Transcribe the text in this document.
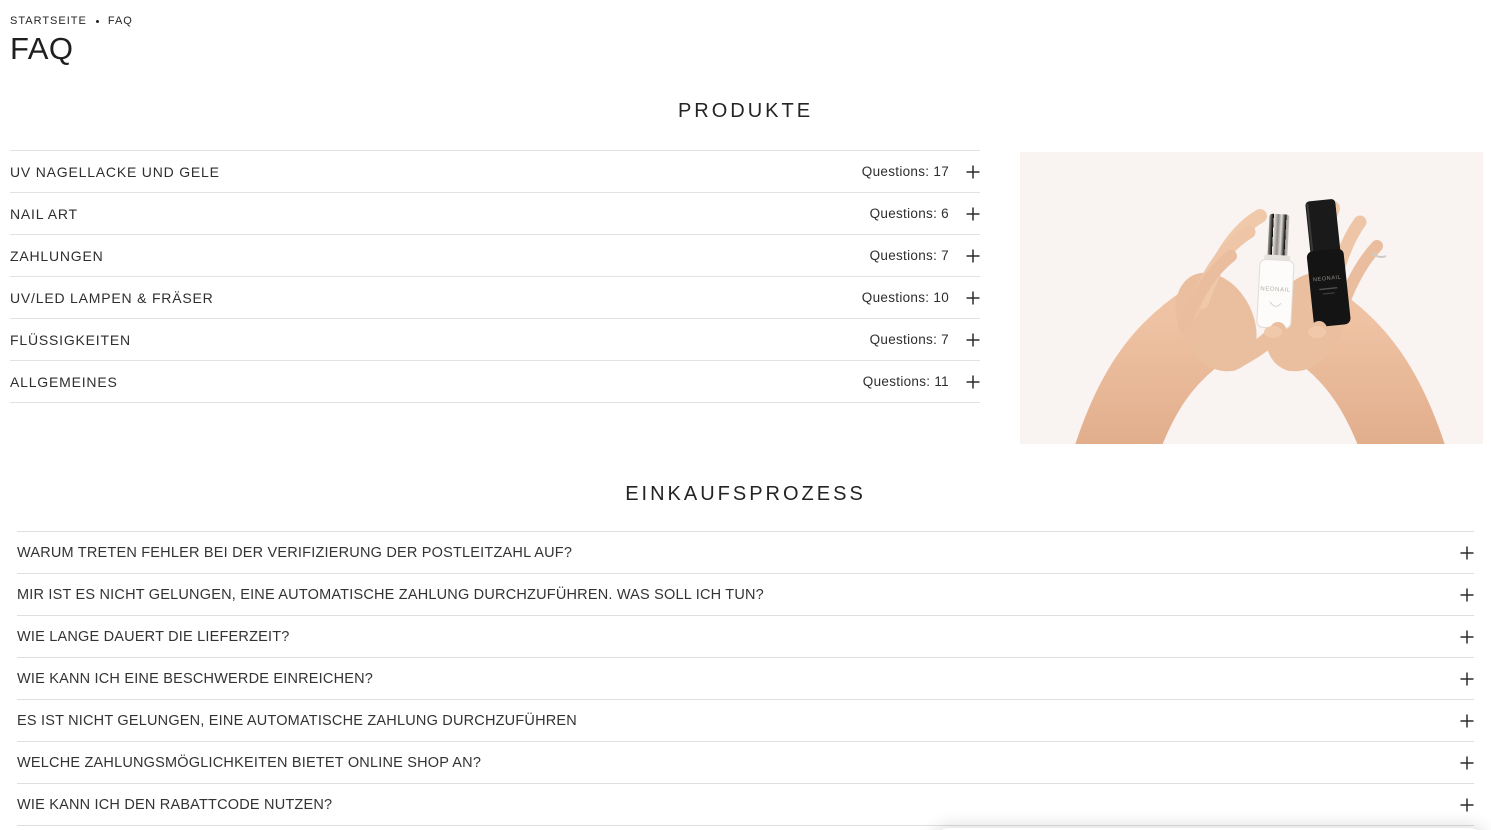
STARTSEITE FAQ
FAQ
PRODUKTE
UV NAGELLACKE UND GELE	Questions: 17
NAIL ART	Questions: 6
ZAHLUNGEN	Questions: 7
UV/LED LAMPEN & FRÄSER	Questions: 10
FLÜSSIGKEITEN	Questions: 7
ALLGEMEINES	Questions: 11
NEONAIL
NEONAIL
EINKAUFSPROZESS
WARUM TRETEN FEHLER BEI DER VERIFIZIERUNG DER POSTLEITZAHL AUF?
MIR IST ES NICHT GELUNGEN, EINE AUTOMATISCHE ZAHLUNG DURCHZUFÜHREN. WAS SOLL ICH TUN?
WIE LANGE DAUERT DIE LIEFERZEIT?
WIE KANN ICH EINE BESCHWERDE EINREICHEN?
ES IST NICHT GELUNGEN, EINE AUTOMATISCHE ZAHLUNG DURCHZUFÜHREN
WELCHE ZAHLUNGSMÖGLICHKEITEN BIETET ONLINE SHOP AN?
WIE KANN ICH DEN RABATTCODE NUTZEN?
